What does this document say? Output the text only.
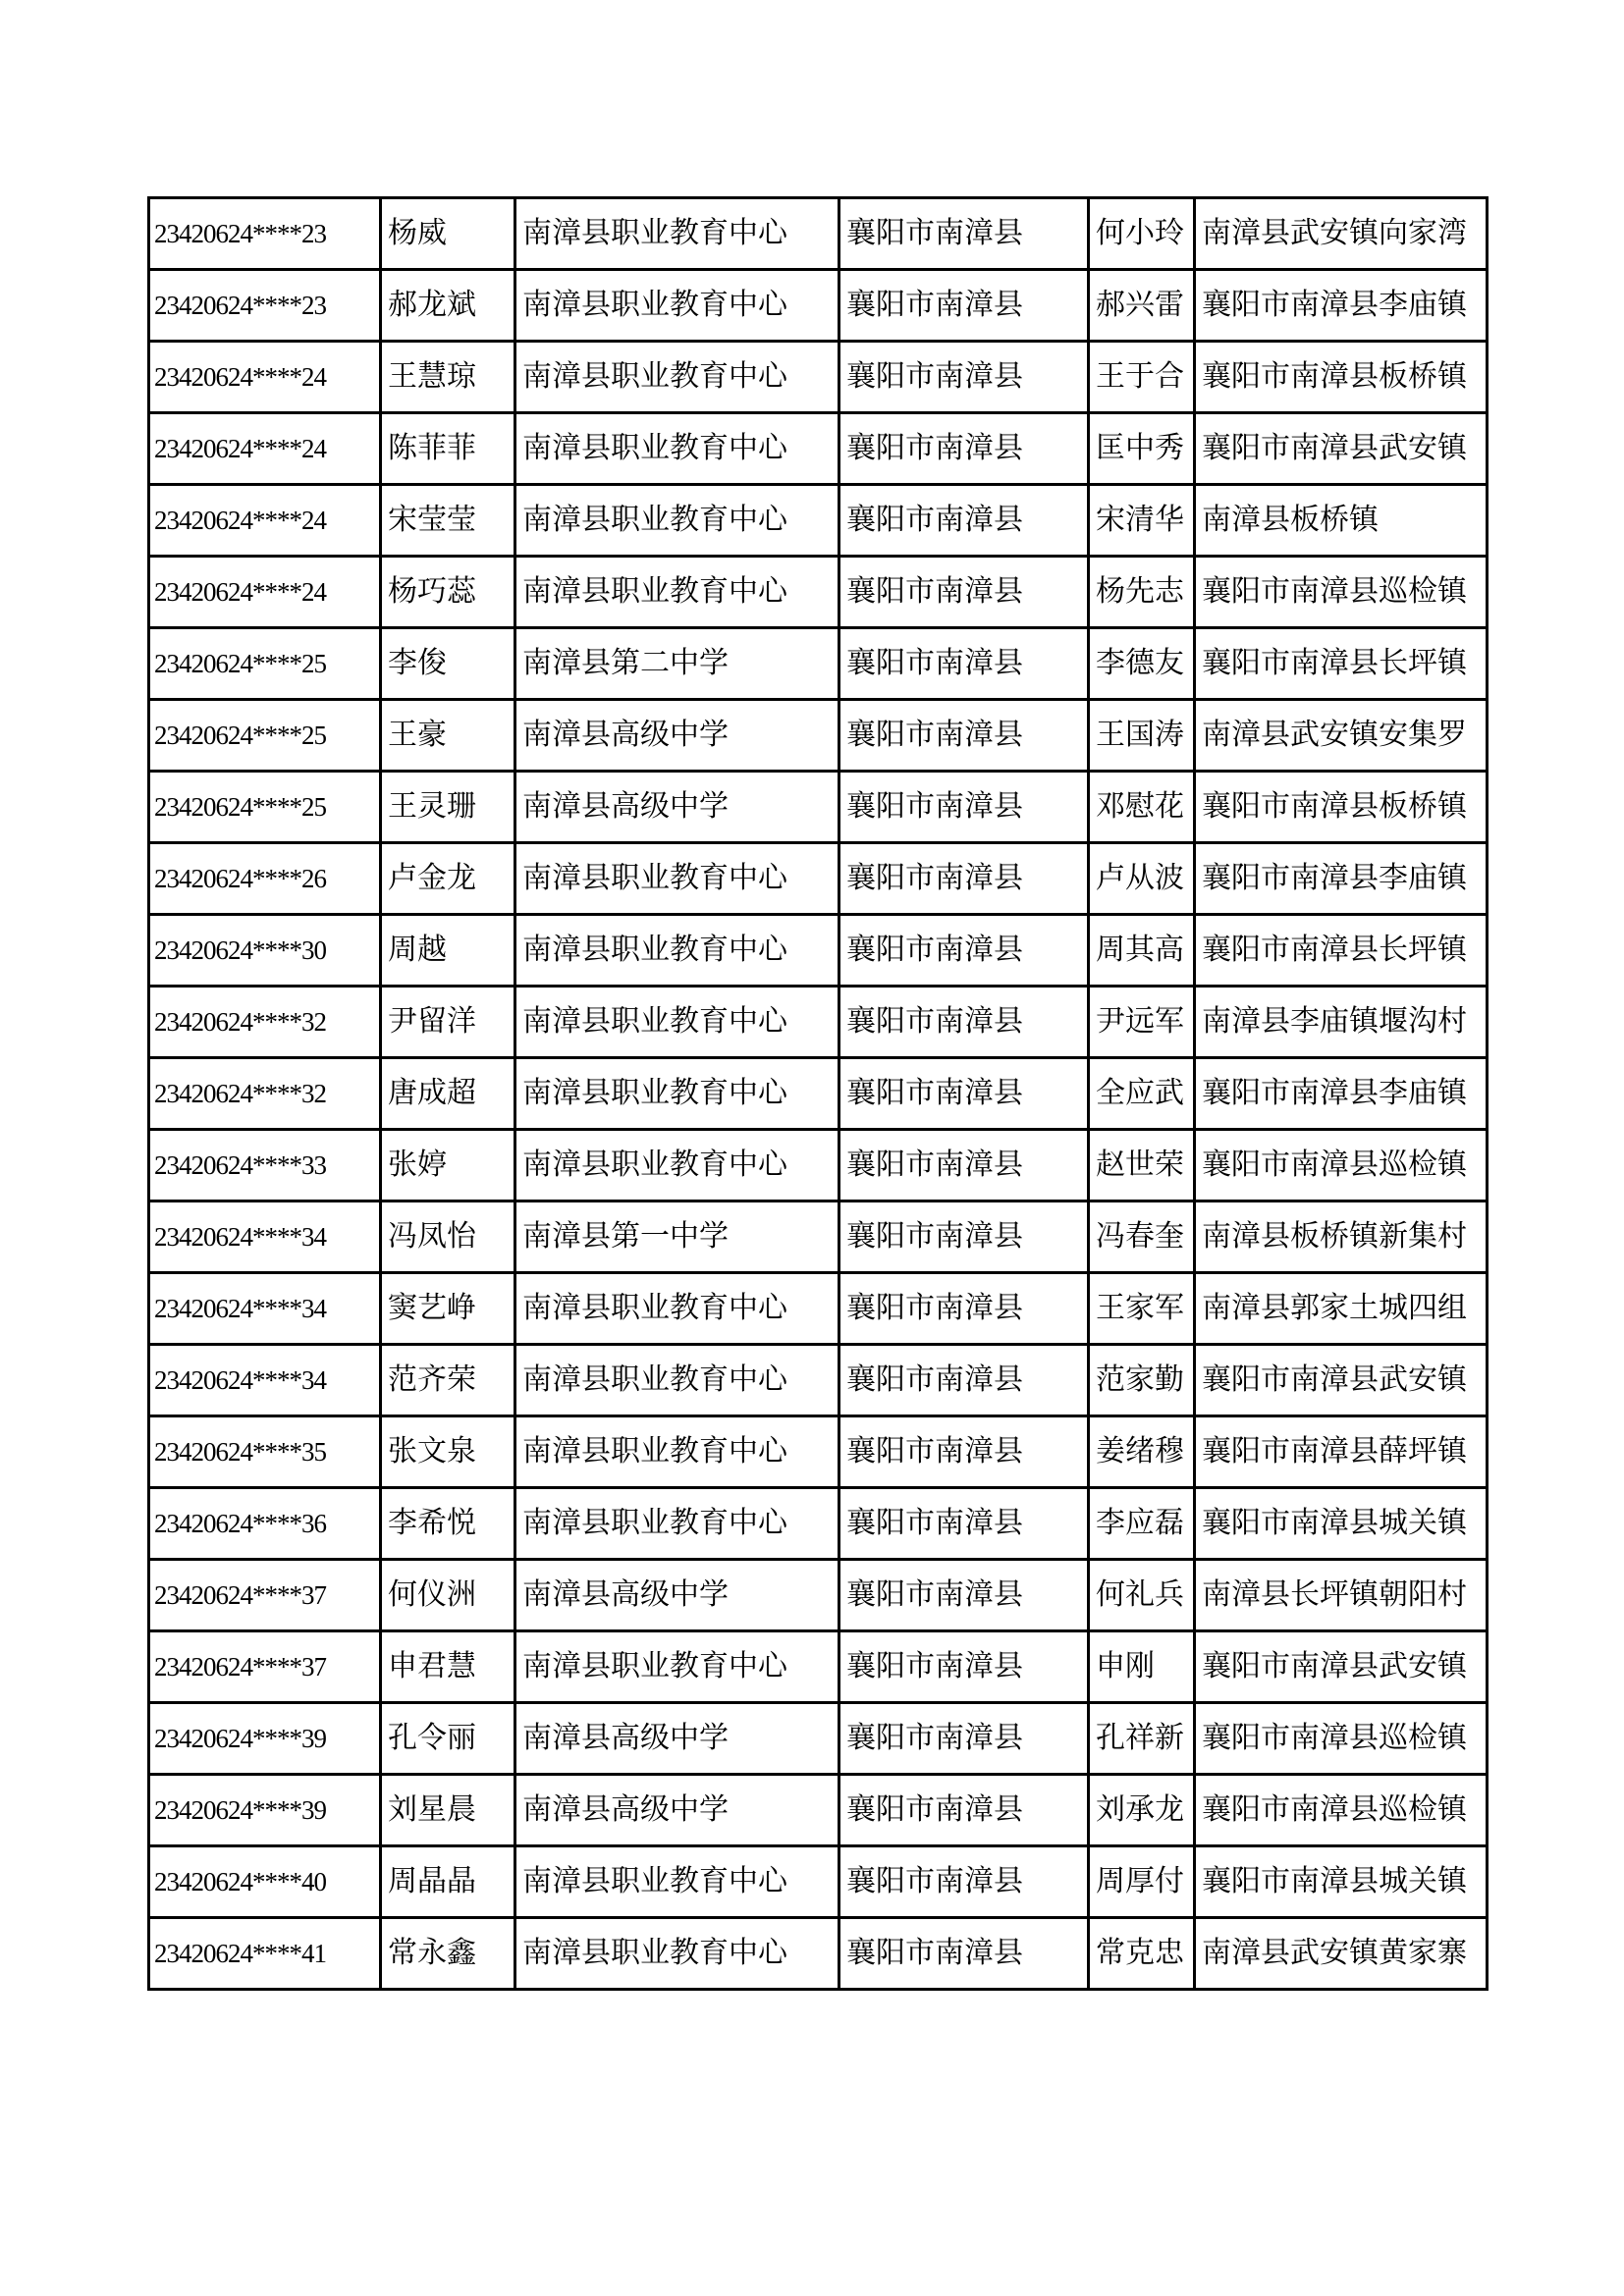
23420624****23	杨威	南漳县职业教育中心	襄阳市南漳县	何小玲	南漳县武安镇向家湾
23420624****23	郝龙斌	南漳县职业教育中心	襄阳市南漳县	郝兴雷	襄阳市南漳县李庙镇
23420624****24	王慧琼	南漳县职业教育中心	襄阳市南漳县	王于合	襄阳市南漳县板桥镇
23420624****24	陈菲菲	南漳县职业教育中心	襄阳市南漳县	匡中秀	襄阳市南漳县武安镇
23420624****24	宋莹莹	南漳县职业教育中心	襄阳市南漳县	宋清华	南漳县板桥镇
23420624****24	杨巧蕊	南漳县职业教育中心	襄阳市南漳县	杨先志	襄阳市南漳县巡检镇
23420624****25	李俊	南漳县第二中学	襄阳市南漳县	李德友	襄阳市南漳县长坪镇
23420624****25	王豪	南漳县高级中学	襄阳市南漳县	王国涛	南漳县武安镇安集罗
23420624****25	王灵珊	南漳县高级中学	襄阳市南漳县	邓慰花	襄阳市南漳县板桥镇
23420624****26	卢金龙	南漳县职业教育中心	襄阳市南漳县	卢从波	襄阳市南漳县李庙镇
23420624****30	周越	南漳县职业教育中心	襄阳市南漳县	周其高	襄阳市南漳县长坪镇
23420624****32	尹留洋	南漳县职业教育中心	襄阳市南漳县	尹远军	南漳县李庙镇堰沟村
23420624****32	唐成超	南漳县职业教育中心	襄阳市南漳县	全应武	襄阳市南漳县李庙镇
23420624****33	张婷	南漳县职业教育中心	襄阳市南漳县	赵世荣	襄阳市南漳县巡检镇
23420624****34	冯凤怡	南漳县第一中学	襄阳市南漳县	冯春奎	南漳县板桥镇新集村
23420624****34	窦艺峥	南漳县职业教育中心	襄阳市南漳县	王家军	南漳县郭家土城四组
23420624****34	范齐荣	南漳县职业教育中心	襄阳市南漳县	范家勤	襄阳市南漳县武安镇
23420624****35	张文泉	南漳县职业教育中心	襄阳市南漳县	姜绪穆	襄阳市南漳县薛坪镇
23420624****36	李希悦	南漳县职业教育中心	襄阳市南漳县	李应磊	襄阳市南漳县城关镇
23420624****37	何仪洲	南漳县高级中学	襄阳市南漳县	何礼兵	南漳县长坪镇朝阳村
23420624****37	申君慧	南漳县职业教育中心	襄阳市南漳县	申刚	襄阳市南漳县武安镇
23420624****39	孔令丽	南漳县高级中学	襄阳市南漳县	孔祥新	襄阳市南漳县巡检镇
23420624****39	刘星晨	南漳县高级中学	襄阳市南漳县	刘承龙	襄阳市南漳县巡检镇
23420624****40	周晶晶	南漳县职业教育中心	襄阳市南漳县	周厚付	襄阳市南漳县城关镇
23420624****41	常永鑫	南漳县职业教育中心	襄阳市南漳县	常克忠	南漳县武安镇黄家寨
